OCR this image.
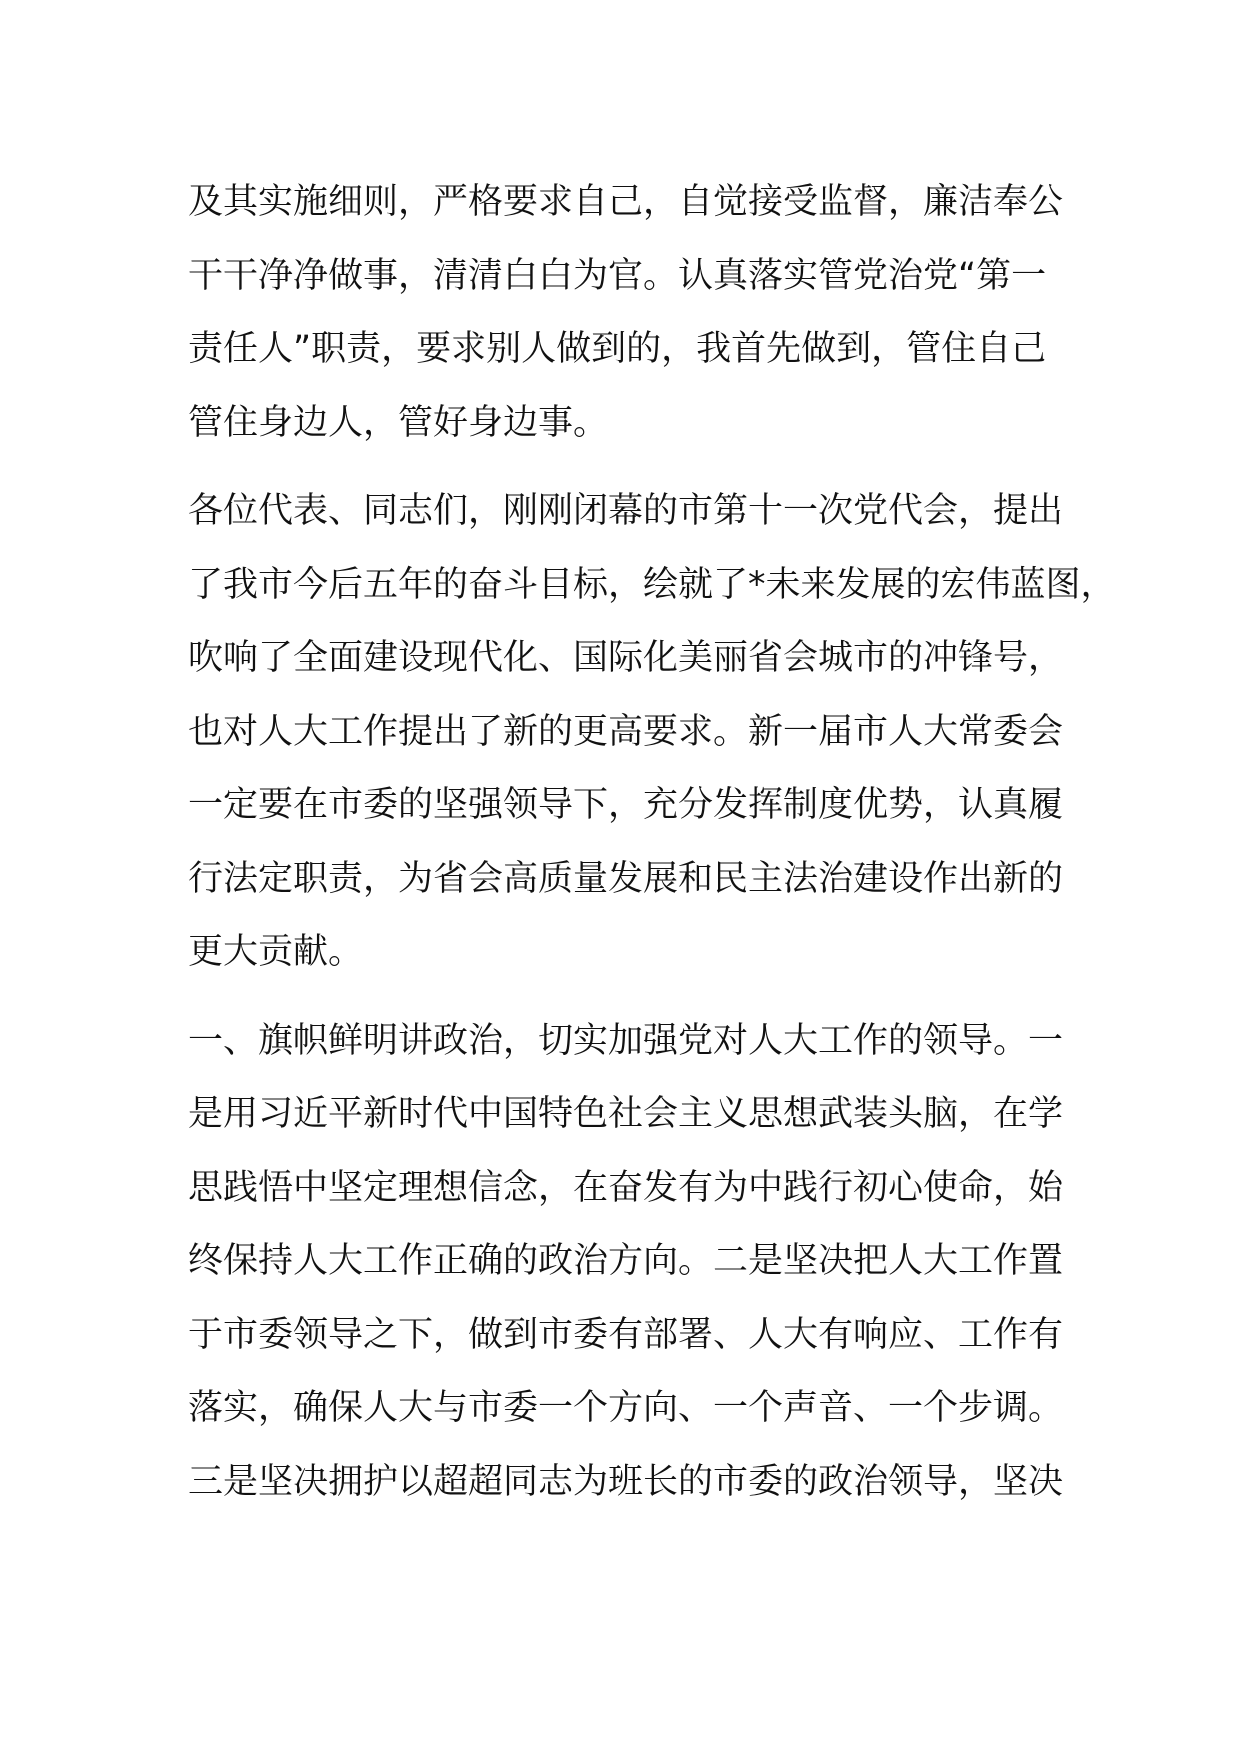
及其实施细则，严格要求自己，自觉接受监督，廉洁奉公
干干净净做事，清清白白为官。认真落实管党治党“第一
责任人”职责，要求别人做到的，我首先做到，管住自己
管住身边人，管好身边事。
各位代表、同志们，刚刚闭幕的市第十一次党代会，提出
了我市今后五年的奋斗目标，绘就了*未来发展的宏伟蓝图，
吹响了全面建设现代化、国际化美丽省会城市的冲锋号，
也对人大工作提出了新的更高要求。新一届市人大常委会
一定要在市委的坚强领导下，充分发挥制度优势，认真履
行法定职责，为省会高质量发展和民主法治建设作出新的
更大贡献。
一、旗帜鲜明讲政治，切实加强党对人大工作的领导。一
是用习近平新时代中国特色社会主义思想武装头脑，在学
思践悟中坚定理想信念，在奋发有为中践行初心使命，始
终保持人大工作正确的政治方向。二是坚决把人大工作置
于市委领导之下，做到市委有部署、人大有响应、工作有
落实，确保人大与市委一个方向、一个声音、一个步调。
三是坚决拥护以超超同志为班长的市委的政治领导，坚决
